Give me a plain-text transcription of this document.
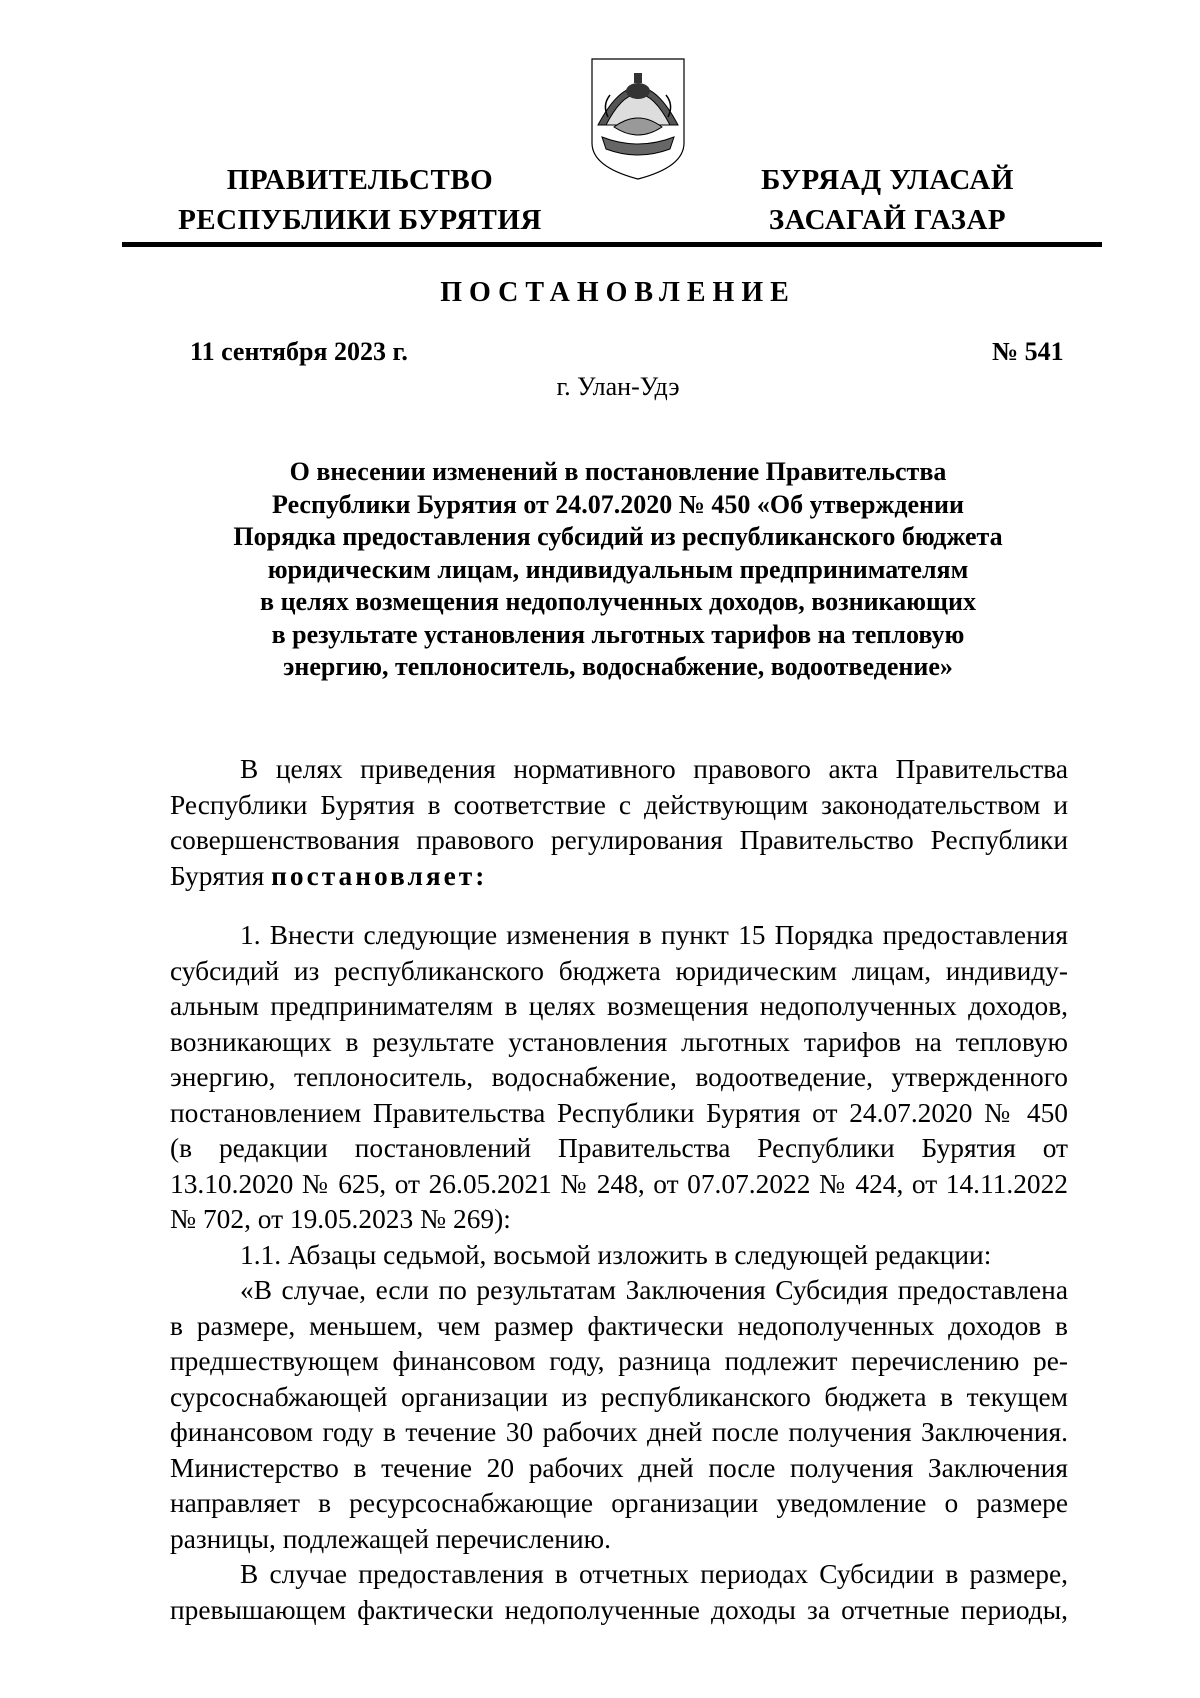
ПРАВИТЕЛЬСТВО
РЕСПУБЛИКИ БУРЯТИЯ
БУРЯАД УЛАСАЙ
ЗАСАГАЙ ГАЗАР
ПОСТАНОВЛЕНИЕ
11 сентября 2023 г.	№ 541
г. Улан-Удэ
О внесении изменений в постановление Правительства
Республики Бурятия от 24.07.2020 № 450 «Об утверждении
Порядка предоставления субсидий из республиканского бюджета
юридическим лицам, индивидуальным предпринимателям
в целях возмещения недополученных доходов, возникающих
в результате установления льготных тарифов на тепловую
энергию, теплоноситель, водоснабжение, водоотведение»

В целях приведения нормативного правового акта Правительства

Республики Бурятия в соответствие с действующим законодательством и

совершенствования правового регулирования Правительство Республики

Бурятия постановляет:

1. Внести следующие изменения в пункт 15 Порядка предоставления

субсидий из республиканского бюджета юридическим лицам, индивиду-

альным предпринимателям в целях возмещения недополученных доходов,

возникающих в результате установления льготных тарифов на тепловую

энергию, теплоноситель, водоснабжение, водоотведение, утвержденного

постановлением Правительства Республики Бурятия от 24.07.2020 № 450

(в редакции постановлений Правительства Республики Бурятия от

13.10.2020 № 625, от 26.05.2021 № 248, от 07.07.2022 № 424, от 14.11.2022

№ 702, от 19.05.2023 № 269):

1.1. Абзацы седьмой, восьмой изложить в следующей редакции:

«В случае, если по результатам Заключения Субсидия предоставлена

в размере, меньшем, чем размер фактически недополученных доходов в

предшествующем финансовом году, разница подлежит перечислению ре-

сурсоснабжающей организации из республиканского бюджета в текущем

финансовом году в течение 30 рабочих дней после получения Заключения.

Министерство в течение 20 рабочих дней после получения Заключения

направляет в ресурсоснабжающие организации уведомление о размере

разницы, подлежащей перечислению.

В случае предоставления в отчетных периодах Субсидии в размере,

превышающем фактически недополученные доходы за отчетные периоды,
